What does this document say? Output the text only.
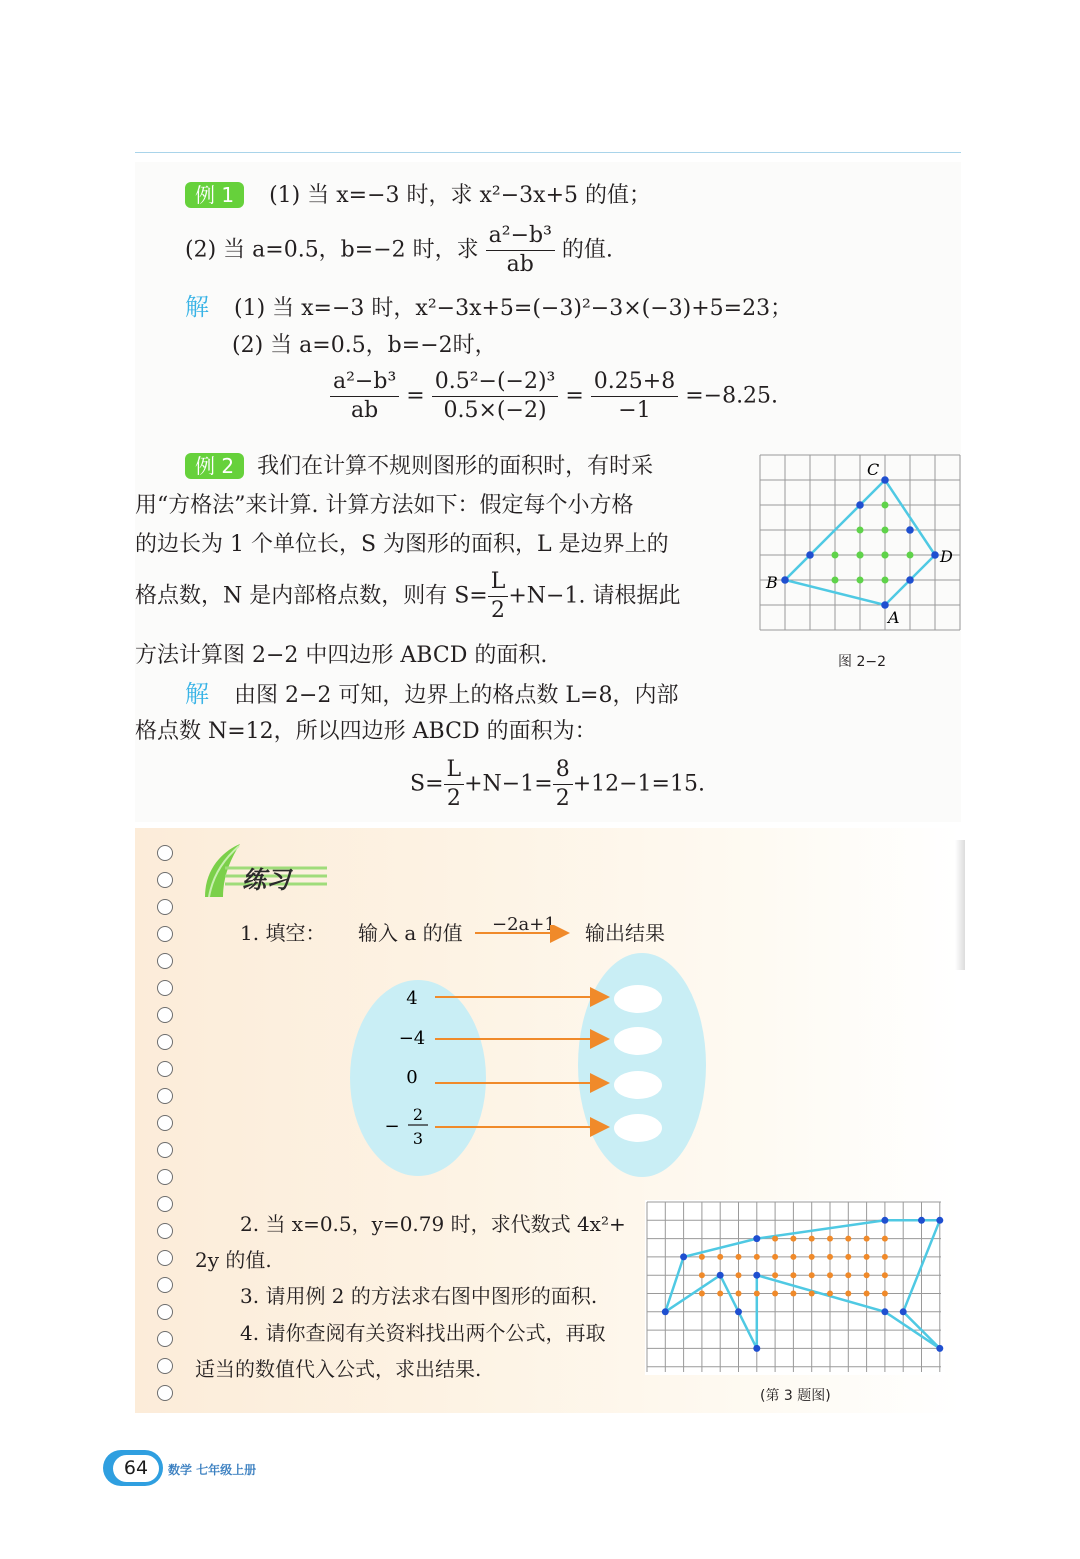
例 1 (1) 当 x=−3 时，求 x²−3x+5 的值；
(2) 当 a=0.5，b=−2 时，求 $\frac{\text{a²−b³}}{ab}$ 的值.
解 (1) 当 x=−3 时，x²−3x+5=(−3)²−3×(−3)+5=23；
(2) 当 a=0.5，b=−2时，
$\frac{\text{a²−b³}}{ab} = \frac{\text{0.5²−(−2)³}}{0.5\times(-2)} = \frac{0.25+8}{-1} =-8.25$.
例 2 我们在计算不规则图形的面积时，有时采
用“方格法”来计算. 计算方法如下：假定每个小方格
的边长为 1 个单位长，S 为图形的面积，L 是边界上的
格点数，N 是内部格点数，则有 $S= \frac{L}{2} +N-1$. 请根据此
方法计算图 2−2 中四边形 ABCD 的面积.
解 由图 2−2 可知，边界上的格点数 L=8，内部
格点数 N=12，所以四边形 ABCD 的面积为：
$S= \frac{L}{2} +N-1= \frac{8}{2} +12-1=15$.
C
D
B
A
图 2−2
练习
1. 填空： 输入 a 的值 −2a+1 输出结果
4
−4
0
−
2
3
2. 当 x=0.5，y=0.79 时，求代数式 4x²+
2y 的值.
3. 请用例 2 的方法求右图中图形的面积.
4. 请你查阅有关资料找出两个公式，再取
适当的数值代入公式，求出结果.
(第 3 题图)
64	数学 七年级上册
